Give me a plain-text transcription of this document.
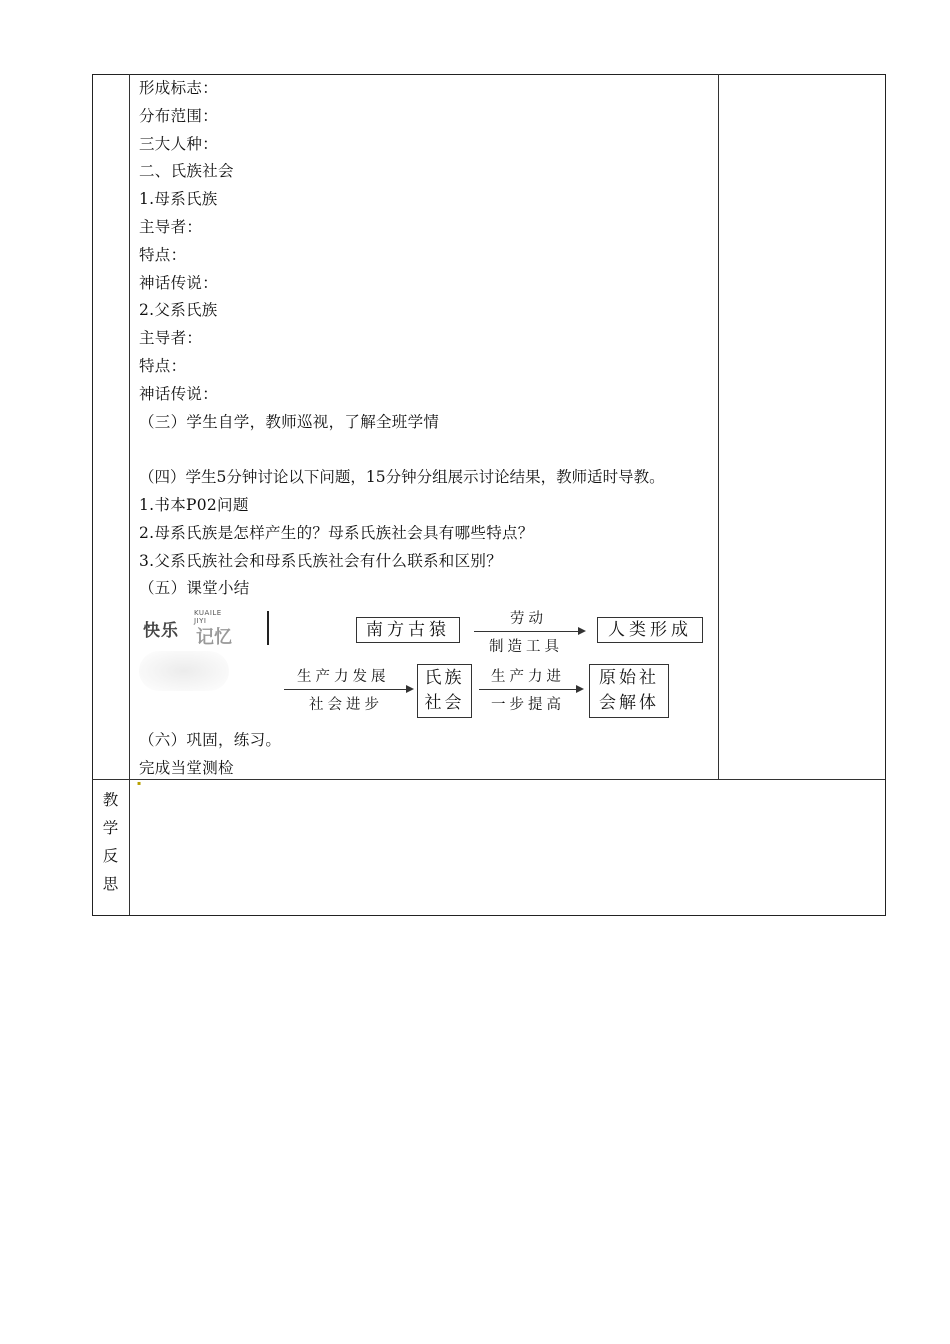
形成标志：
分布范围：
三大人种：
二、氏族社会
1.母系氏族
主导者：
特点：
神话传说：
2.父系氏族
主导者：
特点：
神话传说：
（三）学生自学，教师巡视，了解全班学情
（四）学生5分钟讨论以下问题，15分钟分组展示讨论结果，教师适时导教。
1.书本P02问题
2.母系氏族是怎样产生的？母系氏族社会具有哪些特点？
3.父系氏族社会和母系氏族社会有什么联系和区别？
（五）课堂小结
快乐
KUAILE
JIYI
记忆	南方古猿
劳动
制造工具
人类形成
生产力发展
社会进步
氏族
社会
生产力进
一步提高
原始社
会解体
（六）巩固，练习。
完成当堂测检
教
学
反
思
▪
